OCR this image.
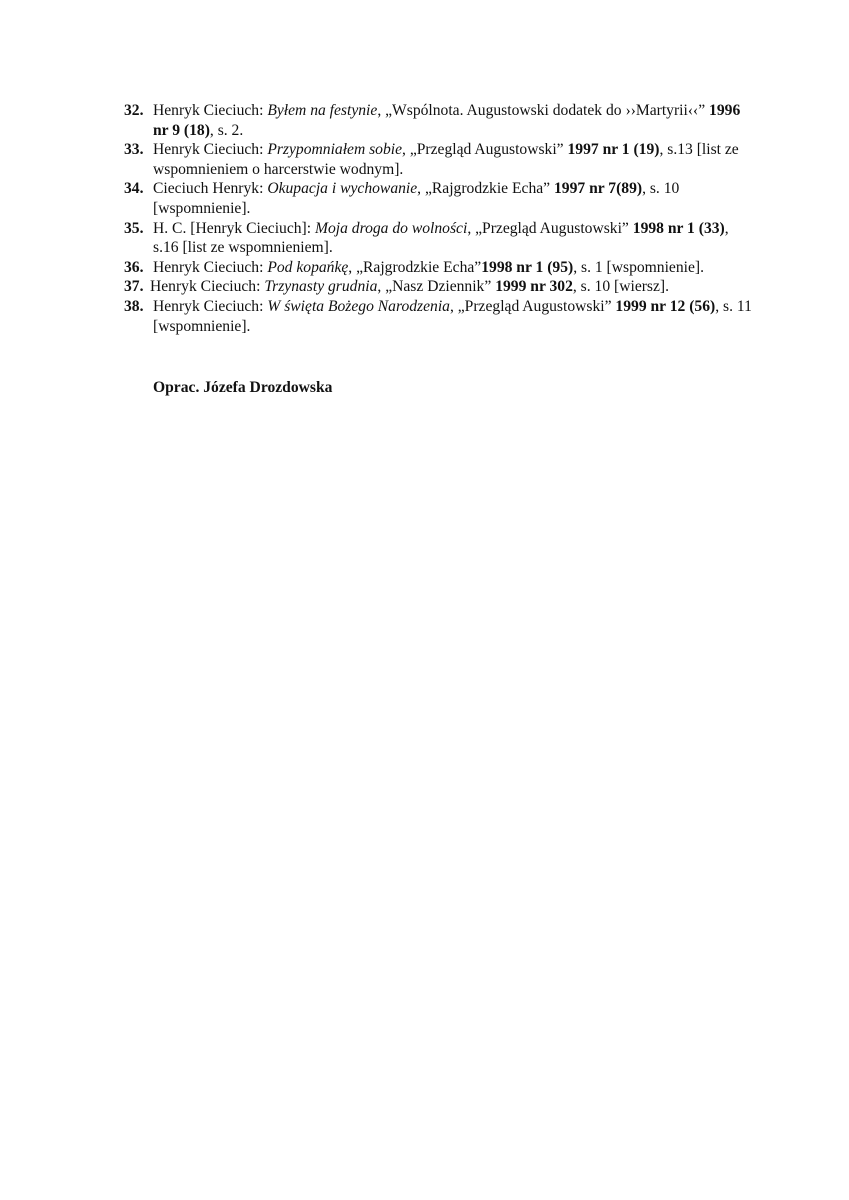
32. Henryk Cieciuch: Byłem na festynie, „Wspólnota. Augustowski dodatek do ››Martyrii‹‹” 1996 nr 9 (18), s. 2.
33. Henryk Cieciuch: Przypomniałem sobie, „Przegląd Augustowski” 1997 nr 1 (19), s.13 [list ze wspomnieniem o harcerstwie wodnym].
34. Cieciuch Henryk: Okupacja i wychowanie, „Rajgrodzkie Echa” 1997 nr 7(89), s. 10 [wspomnienie].
35. H. C. [Henryk Cieciuch]: Moja droga do wolności, „Przegląd Augustowski” 1998 nr 1 (33), s.16 [list ze wspomnieniem].
36. Henryk Cieciuch: Pod kopańkę, „Rajgrodzkie Echa”1998 nr 1 (95), s. 1 [wspomnienie].
37. Henryk Cieciuch: Trzynasty grudnia, „Nasz Dziennik” 1999 nr 302, s. 10 [wiersz].
38. Henryk Cieciuch: W święta Bożego Narodzenia, „Przegląd Augustowski” 1999 nr 12 (56), s. 11 [wspomnienie].
Oprac. Józefa Drozdowska
